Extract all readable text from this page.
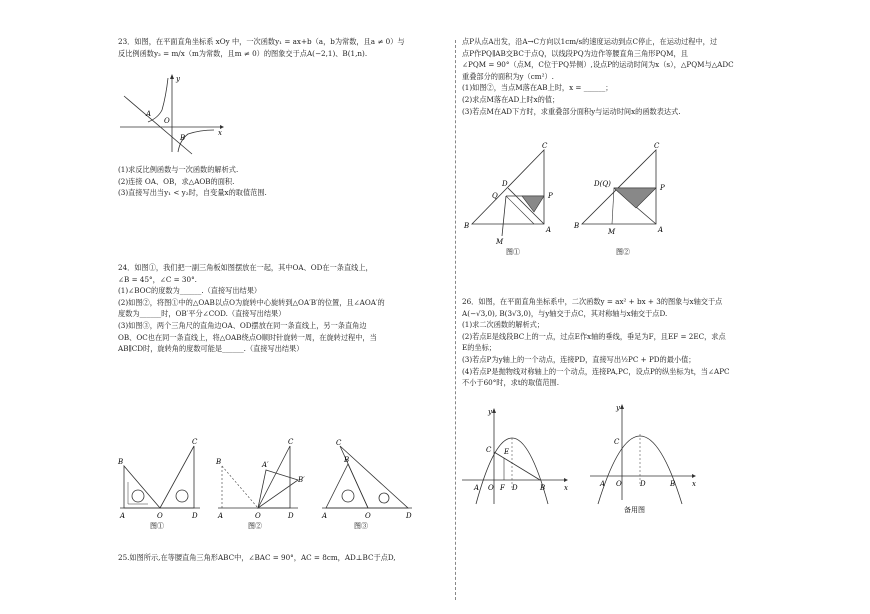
23．如图，在平面直角坐标系 xOy 中，一次函数y₁ = ax+b（a，b为常数，且a ≠ 0）与
反比例函数y₂ = m/x（m为常数，且m ≠ 0）的图象交于点A(−2,1)、B(1,n).
y
A
O
x
B
(1)求反比例函数与一次函数的解析式.
(2)连接 OA、OB，求△AOB的面积.
(3)直接写出当y₁ < y₂时，自变量x的取值范围.
24．如图①，我们把一副三角板如图摆放在一起，其中OA、OD在一条直线上，
∠B = 45°，∠C = 30°.
(1)∠BOC的度数为______.（直接写出结果）
(2)如图②，将图①中的△OAB以点O为旋转中心旋转到△OA′B′的位置，且∠AOA′的
度数为______时，OB′平分∠COD.（直接写出结果）
(3)如图③，两个三角尺的直角边OA、OD摆放在同一条直线上，另一条直角边
OB、OC也在同一条直线上，将△OAB绕点O顺时针旋转一周，在旋转过程中，当
AB∥CD时，旋转角的度数可能是______.（直接写出结果）
B
C
A	O	D
图①
B
C
A′
B′
A	O	D
图②
B
C
A	O	D
图③
25.如图所示,在等腰直角三角形ABC中，∠BAC = 90°，AC = 8cm，AD⊥BC于点D,
点P从点A出发，沿A→C方向以1cm/s的速度运动到点C停止，在运动过程中，过
点P作PQ∥AB交BC于点Q，以线段PQ为边作等腰直角三角形PQM，且
∠PQM = 90°（点M，C位于PQ异侧）,设点P的运动时间为x（s），△PQM与△ADC
重叠部分的面积为y（cm²）.
(1)如图②，当点M落在AB上时，x = ______；
(2)求点M落在AD上时x的值；
(3)若点M在AD下方时，求重叠部分面积y与运动时间x的函数表达式.
C
D
Q	P
B	A
M
图①
C
D(Q)	P
B
M	A
图②
26．如图，在平面直角坐标系中，二次函数y = ax² + bx + 3的图象与x轴交于点
A(−√3,0), B(3√3,0)，与y轴交于点C，其对称轴与x轴交于点D.
(1)求二次函数的解析式；
(2)若点E是线段BC上的一点，过点E作x轴的垂线，垂足为F，且EF = 2EC，求点
E的坐标；
(3)若点P为y轴上的一个动点，连接PD，直接写出½PC + PD的最小值；
(4)若点P是抛物线对称轴上的一个动点，连接PA,PC，设点P的纵坐标为t，当∠APC
不小于60°时，求t的取值范围.
y
C E
A O F D	B	x
y
C
A O	D	B x
备用图
